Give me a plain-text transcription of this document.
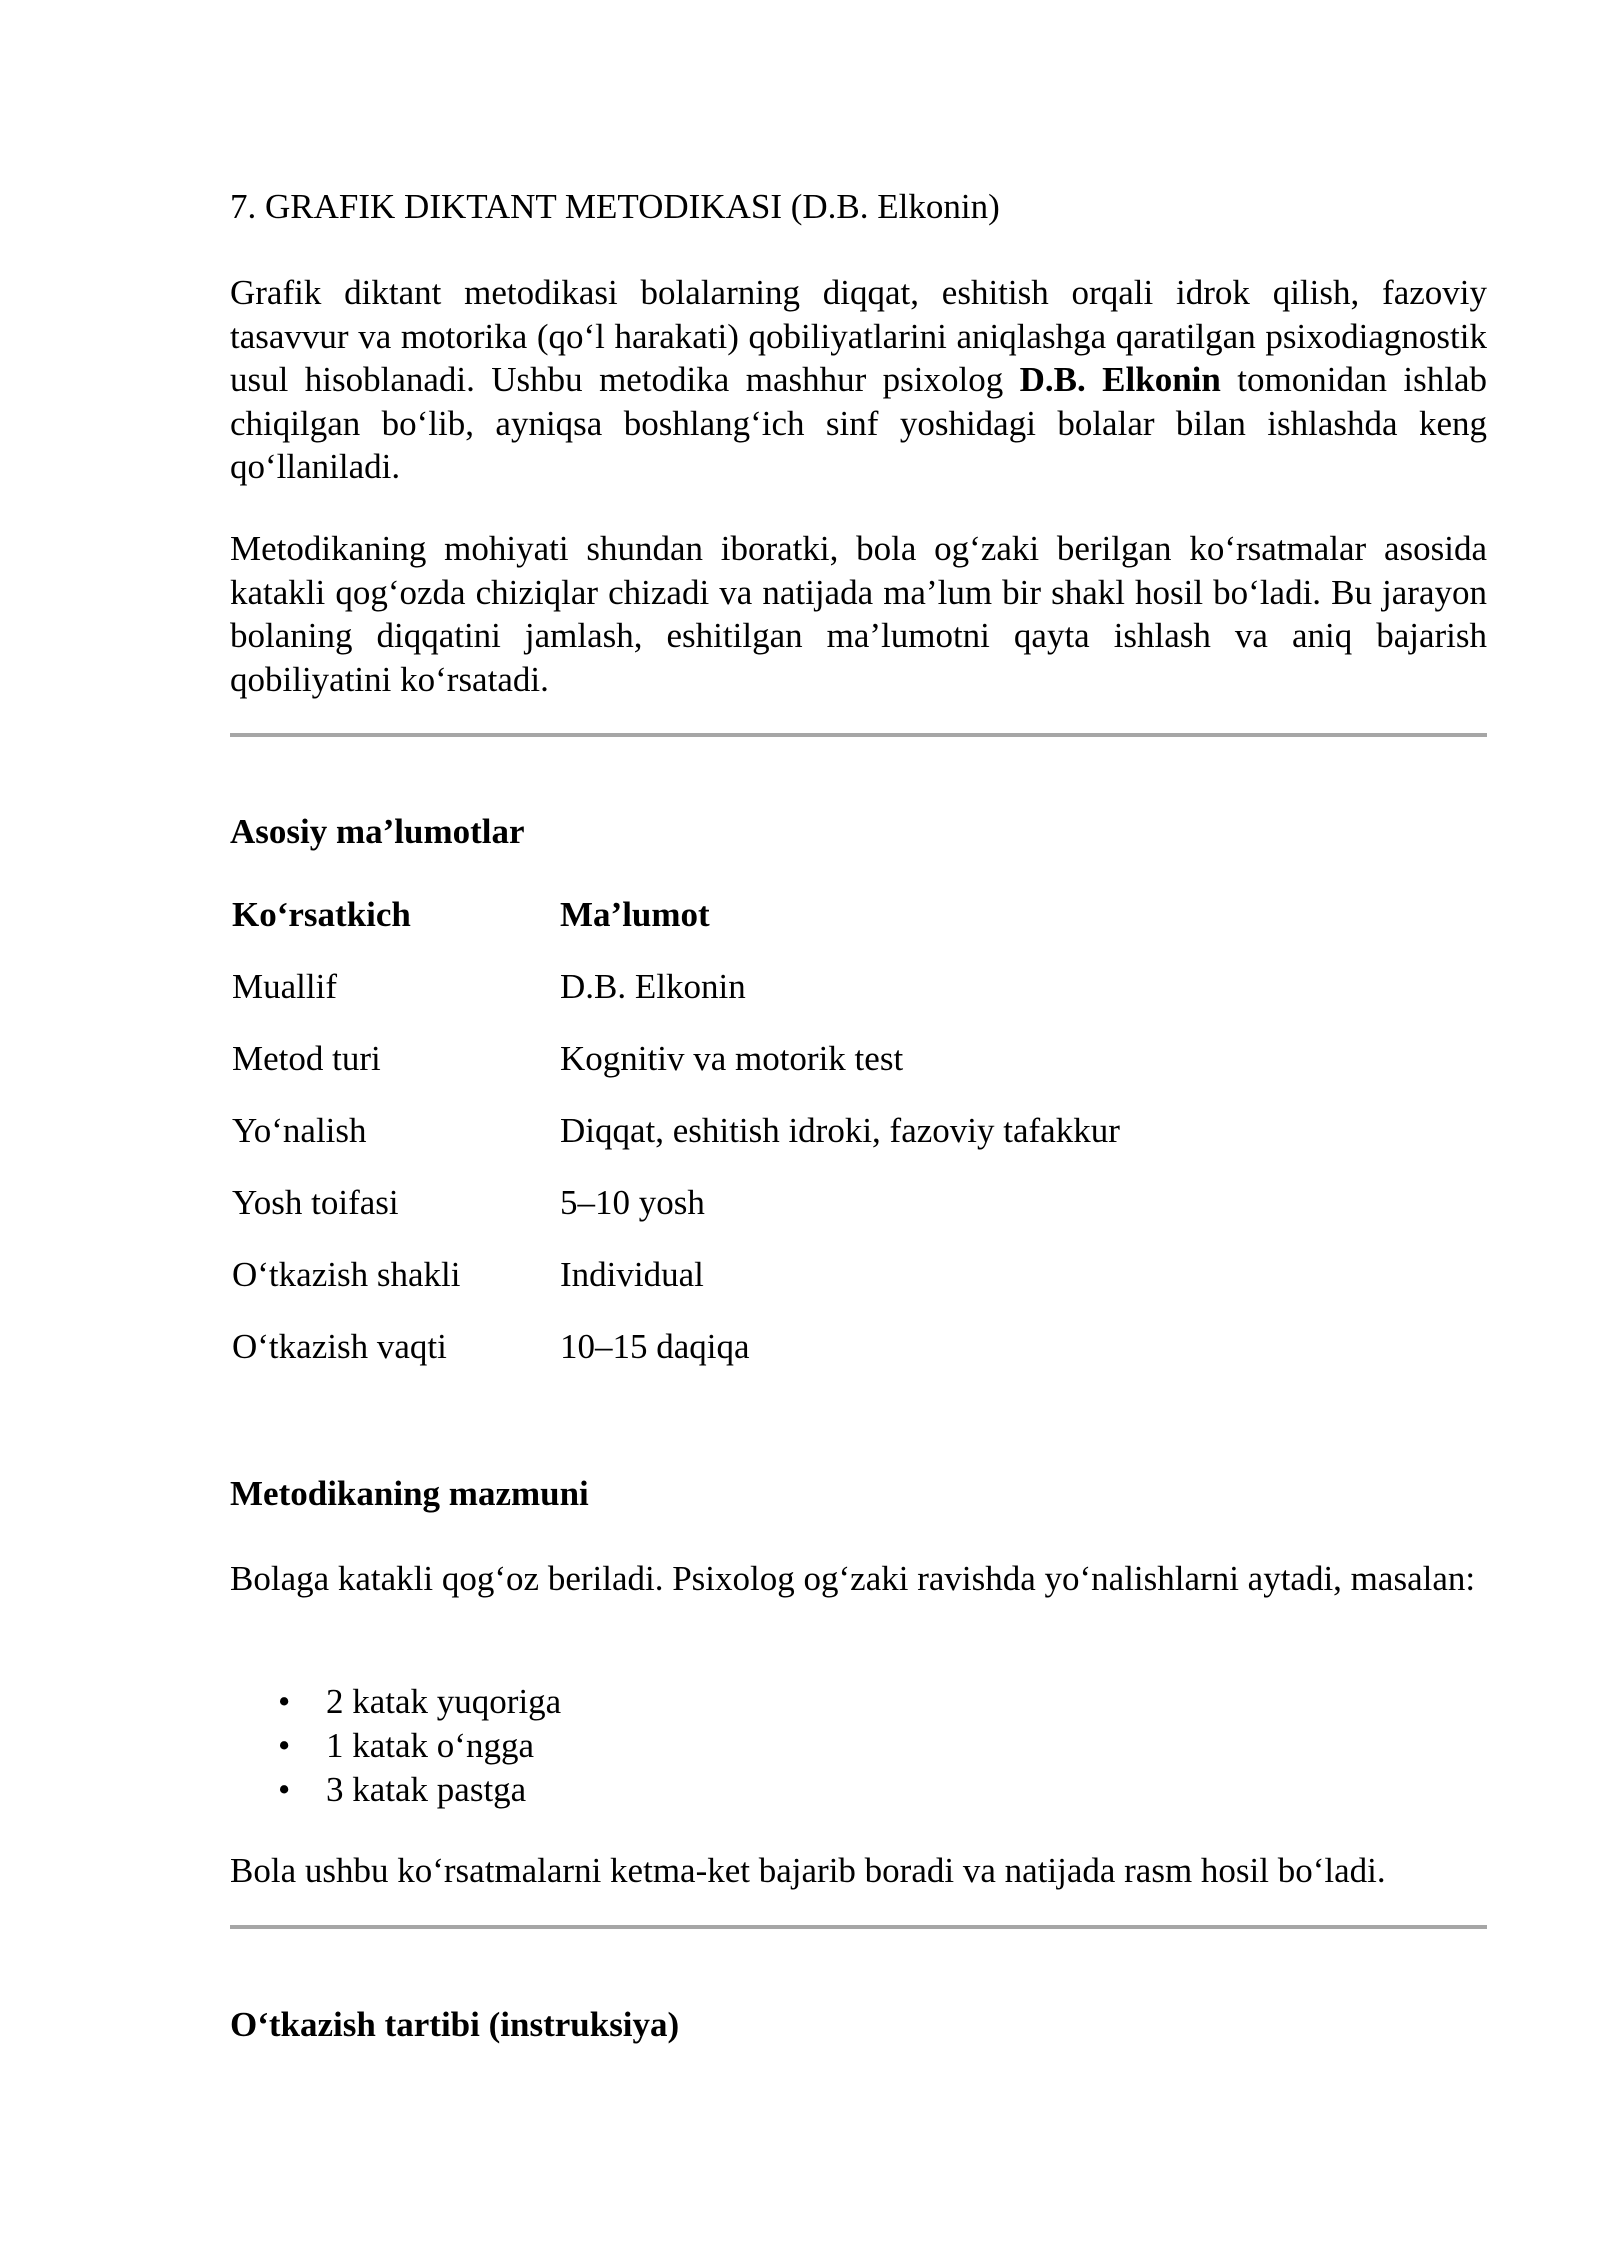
7. GRAFIK DIKTANT METODIKASI (D.B. Elkonin)

Grafik diktant metodikasi bolalarning diqqat, eshitish orqali idrok qilish, fazoviy tasavvur va motorika (qo‘l harakati) qobiliyatlarini aniqlashga qaratilgan psixodiagnostik usul hisoblanadi. Ushbu metodika mashhur psixolog D.B. Elkonin tomonidan ishlab chiqilgan bo‘lib, ayniqsa boshlang‘ich sinf yoshidagi bolalar bilan ishlashda keng qo‘llaniladi.

Metodikaning mohiyati shundan iboratki, bola og‘zaki berilgan ko‘rsatmalar asosida katakli qog‘ozda chiziqlar chizadi va natijada ma’lum bir shakl hosil bo‘ladi. Bu jarayon bolaning diqqatini jamlash, eshitilgan ma’lumotni qayta ishlash va aniq bajarish qobiliyatini ko‘rsatadi.

Asosiy ma’lumotlar
Ko‘rsatkich	Ma’lumot
Muallif	D.B. Elkonin
Metod turi	Kognitiv va motorik test
Yo‘nalish	Diqqat, eshitish idroki, fazoviy tafakkur
Yosh toifasi	5–10 yosh
O‘tkazish shakli	Individual
O‘tkazish vaqti	10–15 daqiqa
Metodikaning mazmuni

Bolaga katakli qog‘oz beriladi. Psixolog og‘zaki ravishda yo‘nalishlarni aytadi, masalan:

• 2 katak yuqoriga
• 1 katak o‘ngga
• 3 katak pastga

Bola ushbu ko‘rsatmalarni ketma-ket bajarib boradi va natijada rasm hosil bo‘ladi.

O‘tkazish tartibi (instruksiya)
